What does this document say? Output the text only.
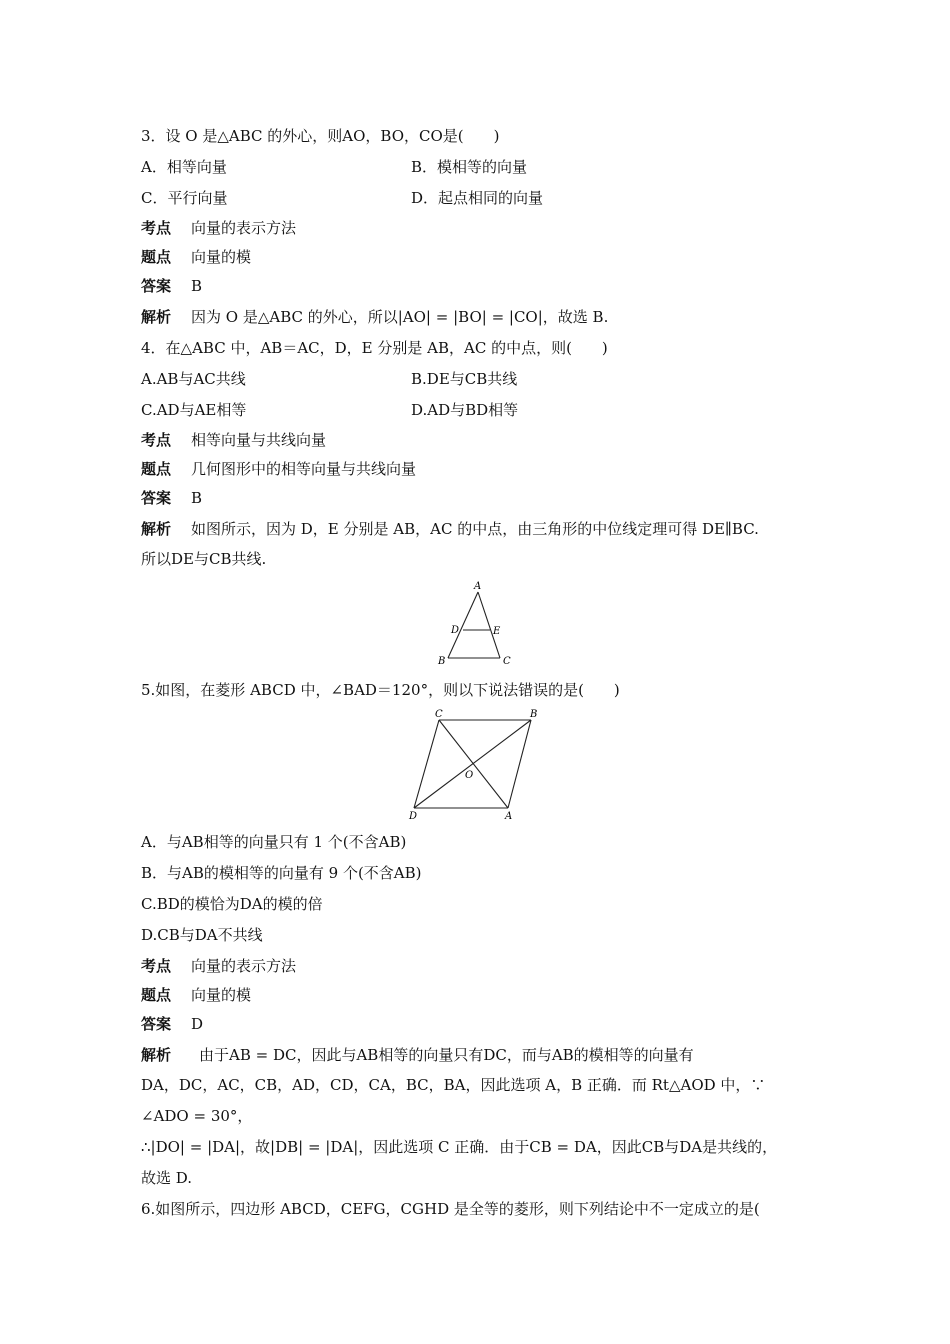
3．设 O 是△ABC 的外心，则AO，BO，CO是(　　)
A．相等向量	B．模相等的向量
C．平行向量	D．起点相同的向量
考点 向量的表示方法
题点 向量的模
答案 B
解析 因为 O 是△ABC 的外心，所以|AO| = |BO| = |CO|，故选 B.
4．在△ABC 中，AB＝AC，D，E 分别是 AB，AC 的中点，则(　　)
A.AB与AC共线	B.DE与CB共线
C.AD与AE相等	D.AD与BD相等
考点 相等向量与共线向量
题点 几何图形中的相等向量与共线向量
答案 B
解析 如图所示，因为 D，E 分别是 AB，AC 的中点，由三角形的中位线定理可得 DE∥BC.
所以DE与CB共线.
A
D	E
B	C
5.如图，在菱形 ABCD 中，∠BAD＝120°，则以下说法错误的是(　　)
C	B
O
D	A
A．与AB相等的向量只有 1 个(不含AB)
B．与AB的模相等的向量有 9 个(不含AB)
C.BD的模恰为DA的模的倍
D.CB与DA不共线
考点 向量的表示方法
题点 向量的模
答案 D
解析 由于AB = DC，因此与AB相等的向量只有DC，而与AB的模相等的向量有
DA，DC，AC，CB，AD，CD，CA，BC，BA，因此选项 A，B 正确．而 Rt△AOD 中，∵
∠ADO = 30°，
∴|DO| = |DA|，故|DB| = |DA|，因此选项 C 正确．由于CB = DA，因此CB与DA是共线的，
故选 D.
6.如图所示，四边形 ABCD，CEFG，CGHD 是全等的菱形，则下列结论中不一定成立的是(
